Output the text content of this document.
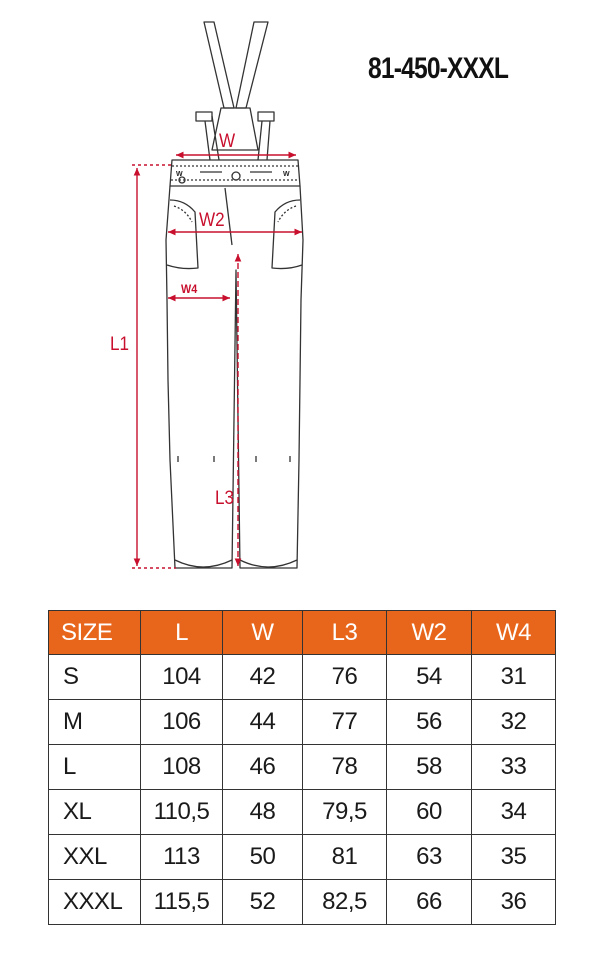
81-450-XXXL
W	W
W
W2
W4
L1
L3
SIZE	L	W	L3	W2	W4
S	104	42	76	54	31
M	106	44	77	56	32
L	108	46	78	58	33
XL	110,5	48	79,5	60	34
XXL	113	50	81	63	35
XXXL	115,5	52	82,5	66	36
